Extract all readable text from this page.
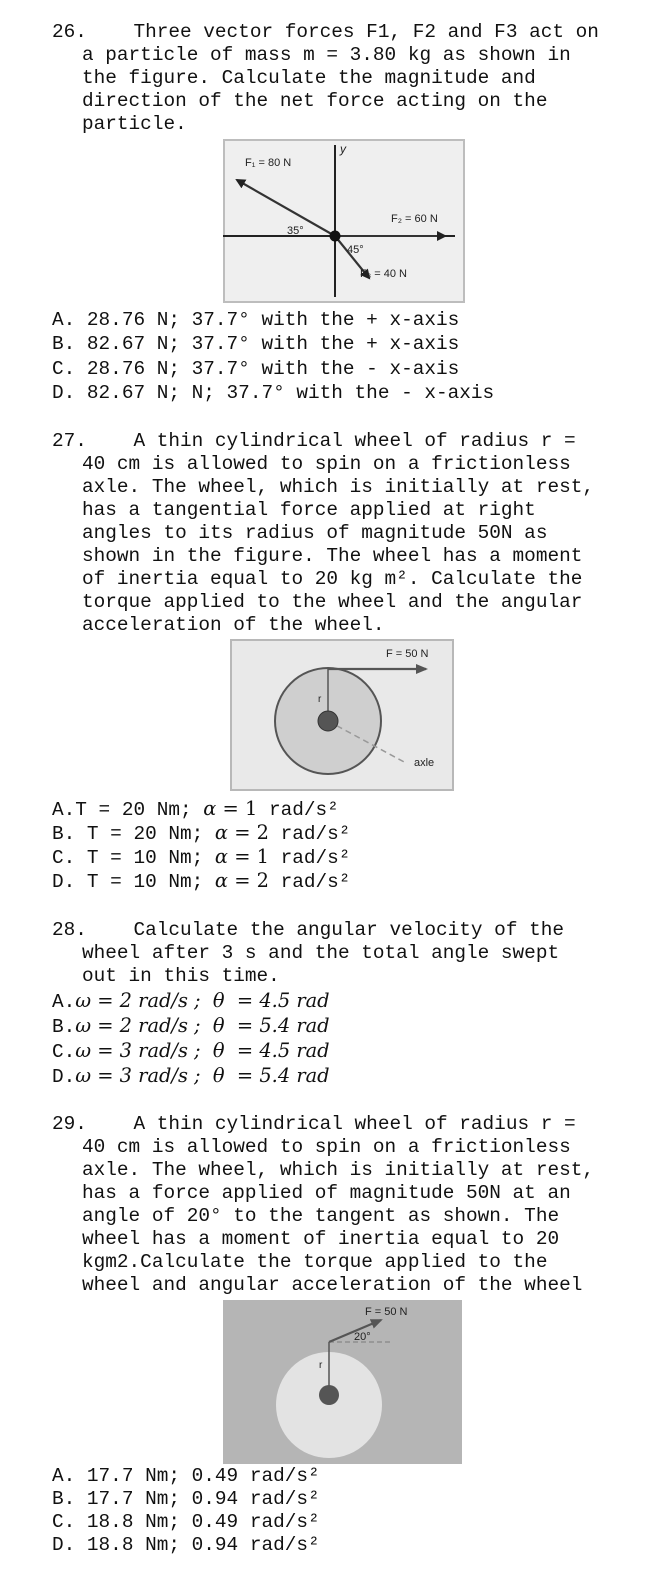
26.    Three vector forces F1, F2 and F3 act on
a particle of mass m = 3.80 kg as shown in
the figure. Calculate the magnitude and
direction of the net force acting on the
particle.
y
F₁ = 80 N
F₂ = 60 N
F₃ = 40 N
35°
45°
A. 28.76 N; 37.7° with the + x-axis
B. 82.67 N; 37.7° with the + x-axis
C. 28.76 N; 37.7° with the - x-axis
D. 82.67 N; N; 37.7° with the - x-axis
27.    A thin cylindrical wheel of radius r =
40 cm is allowed to spin on a frictionless
axle. The wheel, which is initially at rest,
has a tangential force applied at right
angles to its radius of magnitude 50N as
shown in the figure. The wheel has a moment
of inertia equal to 20 kg m². Calculate the
torque applied to the wheel and the angular
acceleration of the wheel.
F = 50 N
r
axle
A.T = 20 Nm; α = 1 rad/s²
B. T = 20 Nm; α = 2 rad/s²
C. T = 10 Nm; α = 1 rad/s²
D. T = 10 Nm; α = 2 rad/s²
28.    Calculate the angular velocity of the
wheel after 3 s and the total angle swept
out in this time.
A.ω = 2 rad/s ;  θ  = 4.5 rad
B.ω = 2 rad/s ;  θ  = 5.4 rad
C.ω = 3 rad/s ;  θ  = 4.5 rad
D.ω = 3 rad/s ;  θ  = 5.4 rad
29.    A thin cylindrical wheel of radius r =
40 cm is allowed to spin on a frictionless
axle. The wheel, which is initially at rest,
has a force applied of magnitude 50N at an
angle of 20° to the tangent as shown. The
wheel has a moment of inertia equal to 20
kgm2.Calculate the torque applied to the
wheel and angular acceleration of the wheel
F = 50 N
20°
r
A. 17.7 Nm; 0.49 rad/s²
B. 17.7 Nm; 0.94 rad/s²
C. 18.8 Nm; 0.49 rad/s²
D. 18.8 Nm; 0.94 rad/s²
